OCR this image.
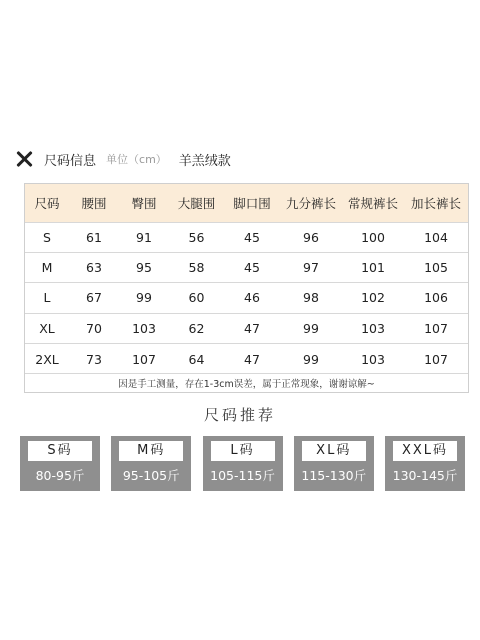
尺码信息 单位（cm） 羊羔绒款
尺码	腰围	臀围	大腿围	脚口围	九分裤长	常规裤长	加长裤长
S	61	91	56	45	96	100	104
M	63	95	58	45	97	101	105
L	67	99	60	46	98	102	106
XL	70	103	62	47	99	103	107
2XL	73	107	64	47	99	103	107
因是手工测量，存在1-3cm误差，属于正常现象，谢谢谅解~
尺码推荐
S码
80-95斤
M码
95-105斤
L码
105-115斤
XL码
115-130斤
XXL码
130-145斤
